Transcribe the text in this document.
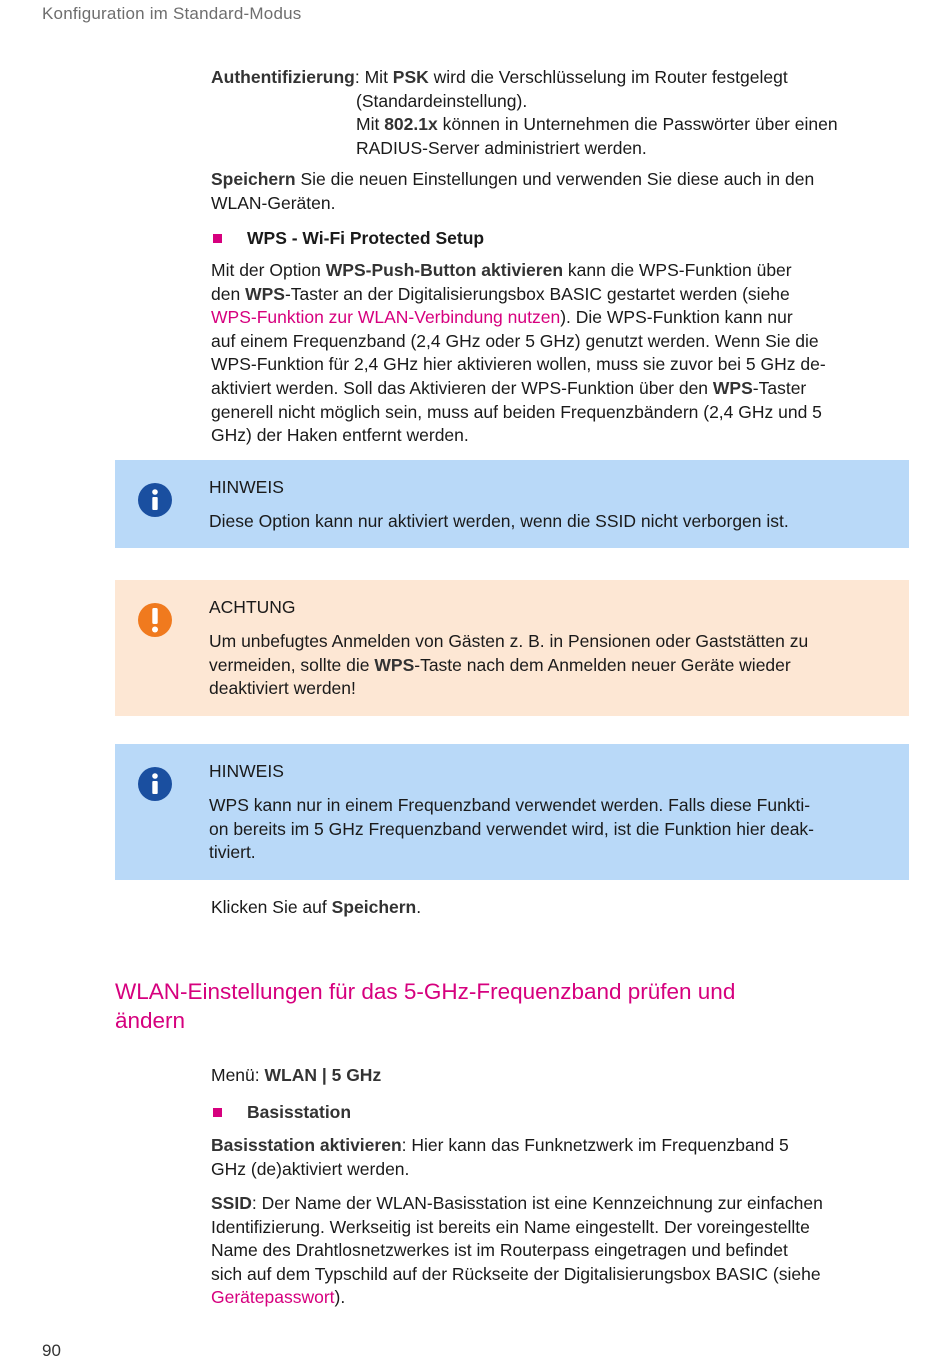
Konfiguration im Standard-Modus

Authentifizierung: Mit PSK wird die Verschlüsselung im Router festgelegt

(Standardeinstellung).

Mit 802.1x können in Unternehmen die Passwörter über einen

RADIUS-Server administriert werden.

Speichern Sie die neuen Einstellungen und verwenden Sie diese auch in den

WLAN-Geräten.

WPS - Wi-Fi Protected Setup

Mit der Option WPS-Push-Button aktivieren kann die WPS-Funktion über

den WPS-Taster an der Digitalisierungsbox BASIC gestartet werden (siehe

WPS-Funktion zur WLAN-Verbindung nutzen). Die WPS-Funktion kann nur

auf einem Frequenzband (2,4 GHz oder 5 GHz) genutzt werden. Wenn Sie die

WPS-Funktion für 2,4 GHz hier aktivieren wollen, muss sie zuvor bei 5 GHz de-

aktiviert werden. Soll das Aktivieren der WPS-Funktion über den WPS-Taster

generell nicht möglich sein, muss auf beiden Frequenzbändern (2,4 GHz und 5

GHz) der Haken entfernt werden.

HINWEIS
Diese Option kann nur aktiviert werden, wenn die SSID nicht verborgen ist.
ACHTUNG
Um unbefugtes Anmelden von Gästen z. B. in Pensionen oder Gaststätten zu
vermeiden, sollte die WPS-Taste nach dem Anmelden neuer Geräte wieder
deaktiviert werden!
HINWEIS
WPS kann nur in einem Frequenzband verwendet werden. Falls diese Funkti-
on bereits im 5 GHz Frequenzband verwendet wird, ist die Funktion hier deak-
tiviert.
Klicken Sie auf Speichern.
WLAN-Einstellungen für das 5-GHz-Frequenzband prüfen und
ändern
Menü: WLAN | 5 GHz
Basisstation

Basisstation aktivieren: Hier kann das Funknetzwerk im Frequenzband 5

GHz (de)aktiviert werden.

SSID: Der Name der WLAN-Basisstation ist eine Kennzeichnung zur einfachen

Identifizierung. Werkseitig ist bereits ein Name eingestellt. Der voreingestellte

Name des Drahtlosnetzwerkes ist im Routerpass eingetragen und befindet

sich auf dem Typschild auf der Rückseite der Digitalisierungsbox BASIC (siehe

Gerätepasswort).

90
